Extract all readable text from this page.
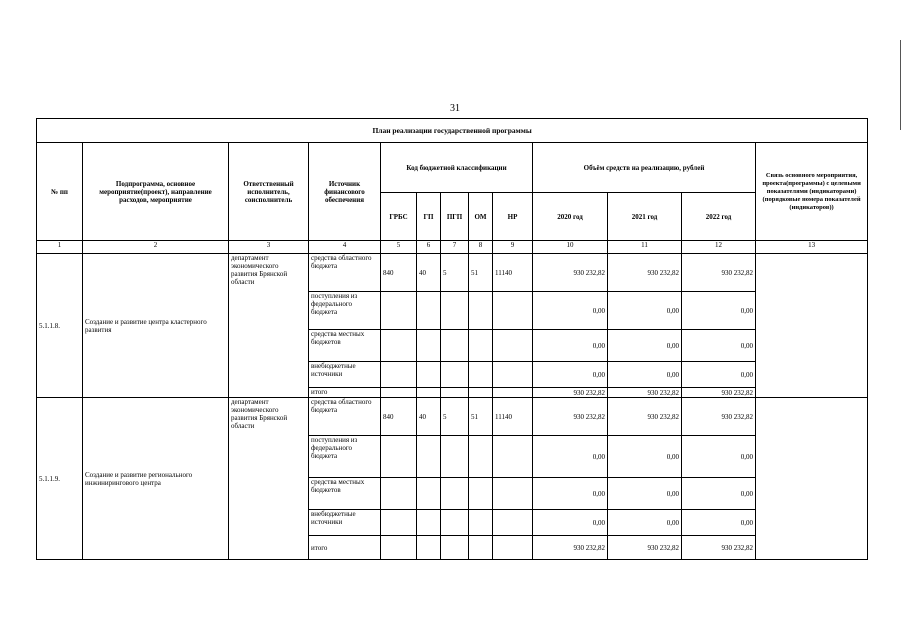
31
План реализации государственной программы												
№ пп	Подпрограмма, основное мероприятие(проект), направление расходов, мероприятие	Ответственный исполнитель, соисполнитель	Источник финансового обеспечения	Код бюджетной классификации					Объём средств на реализацию, рублей			Связь основного мероприятия, проекта(программы) с целевыми показателями (индикаторами) (порядковые номера показателей (индикаторов))
				ГРБС	ГП	ПГП	ОМ	НР	2020 год	2021 год	2022 год	
1	2	3	4	5	6	7	8	9	10	11	12	13
5.1.1.8.	Создание и развитие центра кластерного развития	департамент экономического развития Брянской области	средства областного бюджета	840	40	5	51	11140	930 232,82	930 232,82	930 232,82	
			поступления из федерального бюджета						0,00	0,00	0,00	
			средства местных бюджетов						0,00	0,00	0,00	
			внебюджетные источники						0,00	0,00	0,00	
			итого						930 232,82	930 232,82	930 232,82	
5.1.1.9.	Создание и развитие регионального инжинирингового центра	департамент экономического развития Брянской области	средства областного бюджета	840	40	5	51	11140	930 232,82	930 232,82	930 232,82	
			поступления из федерального бюджета						0,00	0,00	0,00	
			средства местных бюджетов						0,00	0,00	0,00	
			внебюджетные источники						0,00	0,00	0,00	
			итого						930 232,82	930 232,82	930 232,82	
